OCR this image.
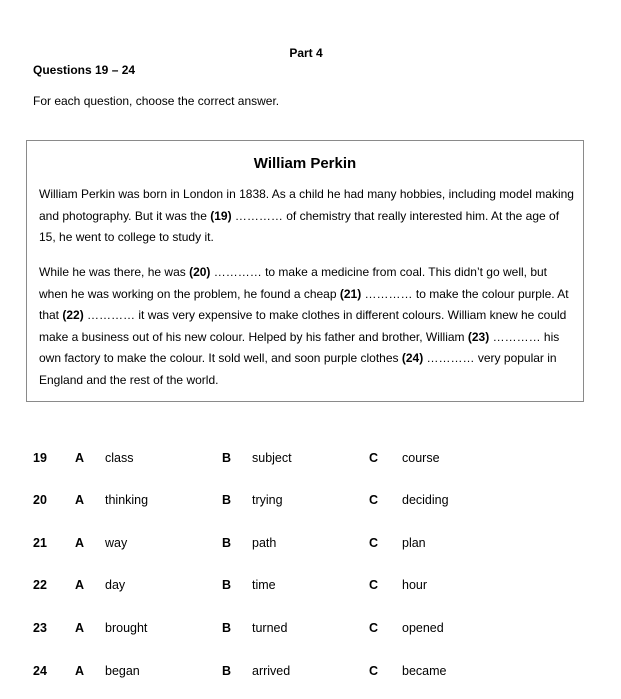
Part 4
Questions 19 – 24
For each question, choose the correct answer.
William Perkin

William Perkin was born in London in 1838. As a child he had many hobbies, including model making and photography. But it was the (19) ………… of chemistry that really interested him. At the age of 15, he went to college to study it.

While he was there, he was (20) ………… to make a medicine from coal. This didn’t go well, but when he was working on the problem, he found a cheap (21) ………… to make the colour purple. At that (22) ………… it was very expensive to make clothes in different colours. William knew he could make a business out of his new colour. Helped by his father and brother, William (23) ………… his own factory to make the colour. It sold well, and soon purple clothes (24) ………… very popular in England and the rest of the world.

19 A class	B subject	C course
20 A thinking	B trying	C deciding
21 A way	B path	C plan
22 A day	B time	C hour
23 A brought	B turned	C opened
24 A began	B arrived	C became
